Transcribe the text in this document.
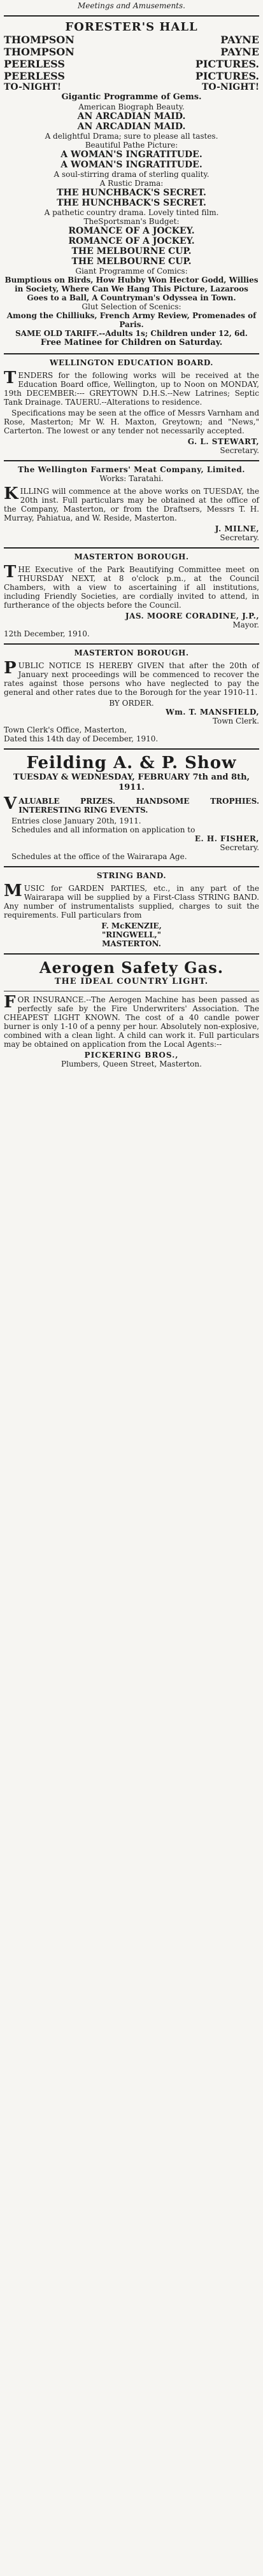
Meetings and Amusements.
FORESTER'S HALL
THOMPSON	PAYNE
THOMPSON	PAYNE
PEERLESS	PICTURES.
PEERLESS	PICTURES.
TO-NIGHT!	TO-NIGHT!
Gigantic Programme of Gems.
American Biograph Beauty.
AN ARCADIAN MAID.
AN ARCADIAN MAID.
A delightful Drama; sure to please all tastes.
Beautiful Pathe Picture:
A WOMAN'S INGRATITUDE.
A WOMAN'S INGRATITUDE.
A soul-stirring drama of sterling quality.
A Rustic Drama:
THE HUNCHBACK'S SECRET.
THE HUNCHBACK'S SECRET.
A pathetic country drama. Lovely tinted film.
TheSportsman's Budget:
ROMANCE OF A JOCKEY.
ROMANCE OF A JOCKEY.
THE MELBOURNE CUP.
THE MELBOURNE CUP.
Giant Programme of Comics:
Bumptious on Birds, How Hubby Won Hector Godd, Willies in Society, Where Can We Hang This Picture, Lazaroos Goes to a Ball, A Countryman's Odyssea in Town.
Glut Selection of Scenics:
Among the Chilliuks, French Army Review, Promenades of Paris.
SAME OLD TARIFF.--Adults 1s; Children under 12, 6d.
Free Matinee for Children on Saturday.
WELLINGTON EDUCATION BOARD.

TENDERS for the following works will be received at the Education Board office, Wellington, up to Noon on MONDAY, 19th DECEMBER:--- GREYTOWN D.H.S.--New Latrines; Septic Tank Drainage. TAUERU.--Alterations to residence.

Specifications may be seen at the office of Messrs Varnham and Rose, Masterton; Mr W. H. Maxton, Greytown; and "News," Carterton. The lowest or any tender not necessarily accepted.

G. L. STEWART,
Secretary.
The Wellington Farmers' Meat Company, Limited.
Works: Taratahi.

KILLING will commence at the above works on TUESDAY, the 20th inst. Full particulars may be obtained at the office of the Company, Masterton, or from the Draftsers, Messrs T. H. Murray, Pahiatua, and W. Reside, Masterton.

J. MILNE,
Secretary.
MASTERTON BOROUGH.

THE Executive of the Park Beautifying Committee meet on THURSDAY NEXT, at 8 o'clock p.m., at the Council Chambers, with a view to ascertaining if all institutions, including Friendly Societies, are cordially invited to attend, in furtherance of the objects before the Council.

JAS. MOORE CORADINE, J.P.,
Mayor.
12th December, 1910.
MASTERTON BOROUGH.

PUBLIC NOTICE IS HEREBY GIVEN that after the 20th of January next proceedings will be commenced to recover the rates against those persons who have neglected to pay the general and other rates due to the Borough for the year 1910-11.

BY ORDER.
Wm. T. MANSFIELD,
Town Clerk.
Town Clerk's Office, Masterton,
Dated this 14th day of December, 1910.
Feilding A. & P. Show
TUESDAY & WEDNESDAY, FEBRUARY 7th and 8th, 1911.

VALUABLE PRIZES. HANDSOME TROPHIES. INTERESTING RING EVENTS.

Entries close January 20th, 1911.
Schedules and all information on application to
E. H. FISHER,
Secretary.
Schedules at the office of the Wairarapa Age.
STRING BAND.

MUSIC for GARDEN PARTIES, etc., in any part of the Wairarapa will be supplied by a First-Class STRING BAND. Any number of instrumentalists supplied, charges to suit the requirements. Full particulars from

F. McKENZIE,
"RINGWELL,"
MASTERTON.
Aerogen Safety Gas.
THE IDEAL COUNTRY LIGHT.

FOR INSURANCE.--The Aerogen Machine has been passed as perfectly safe by the Fire Underwriters' Association. The CHEAPEST LIGHT KNOWN. The cost of a 40 candle power burner is only 1-10 of a penny per hour. Absolutely non-explosive, combined with a clean light. A child can work it. Full particulars may be obtained on application from the Local Agents:--

PICKERING BROS.,
Plumbers, Queen Street, Masterton.
